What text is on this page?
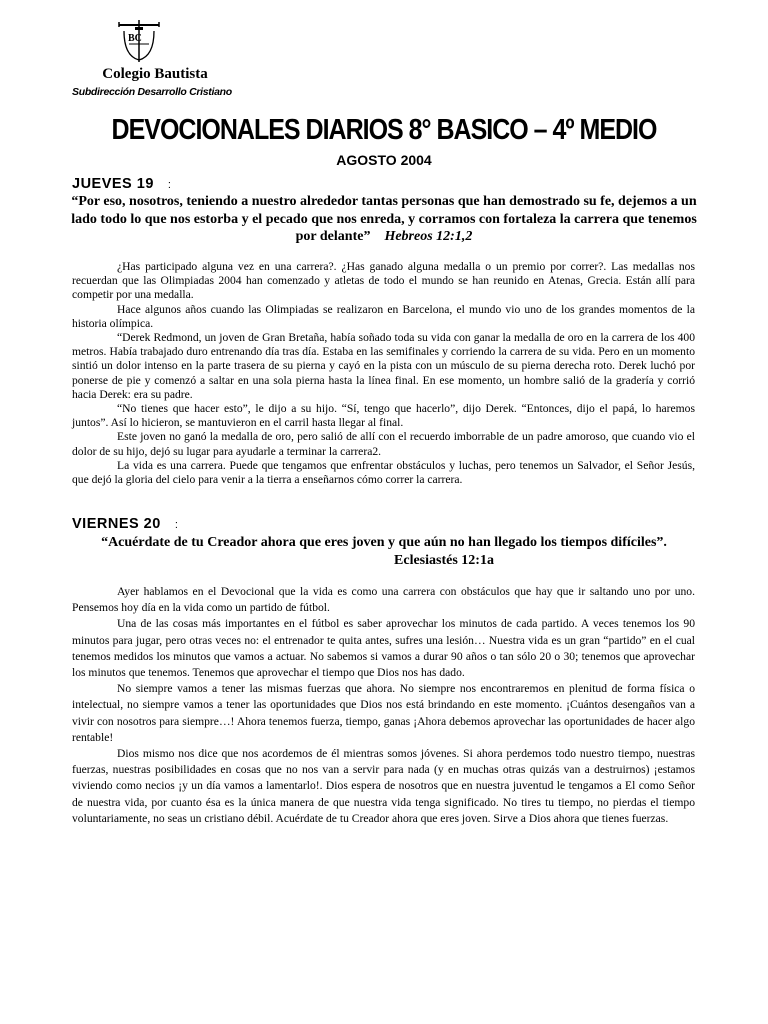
BC
Colegio Bautista
Subdirección Desarrollo Cristiano
DEVOCIONALES DIARIOS 8° BASICO – 4º MEDIO
AGOSTO 2004
JUEVES 19 :
“Por eso, nosotros, teniendo a nuestro alrededor tantas personas que han demostrado su fe, dejemos a un lado todo lo que nos estorba y el pecado que nos enreda, y corramos con fortaleza la carrera que tenemos por delante” Hebreos 12:1,2

¿Has participado alguna vez en una carrera?. ¿Has ganado alguna medalla o un premio por correr?. Las medallas nos recuerdan que las Olimpiadas 2004 han comenzado y atletas de todo el mundo se han reunido en Atenas, Grecia. Están allí para competir por una medalla.

Hace algunos años cuando las Olimpiadas se realizaron en Barcelona, el mundo vio uno de los grandes momentos de la historia olímpica.

“Derek Redmond, un joven de Gran Bretaña, había soñado toda su vida con ganar la medalla de oro en la carrera de los 400 metros. Había trabajado duro entrenando día tras día. Estaba en las semifinales y corriendo la carrera de su vida. Pero en un momento sintió un dolor intenso en la parte trasera de su pierna y cayó en la pista con un músculo de su pierna derecha roto. Derek luchó por ponerse de pie y comenzó a saltar en una sola pierna hasta la línea final. En ese momento, un hombre salió de la gradería y corrió hacia Derek: era su padre.

“No tienes que hacer esto”, le dijo a su hijo. “Sí, tengo que hacerlo”, dijo Derek. “Entonces, dijo el papá, lo haremos juntos”. Así lo hicieron, se mantuvieron en el carril hasta llegar al final.

Este joven no ganó la medalla de oro, pero salió de allí con el recuerdo imborrable de un padre amoroso, que cuando vio el dolor de su hijo, dejó su lugar para ayudarle a terminar la carrera2.

La vida es una carrera. Puede que tengamos que enfrentar obstáculos y luchas, pero tenemos un Salvador, el Señor Jesús, que dejó la gloria del cielo para venir a la tierra a enseñarnos cómo correr la carrera.

VIERNES 20 :
“Acuérdate de tu Creador ahora que eres joven y que aún no han llegado los tiempos difíciles”.
Eclesiastés 12:1a

Ayer hablamos en el Devocional que la vida es como una carrera con obstáculos que hay que ir saltando uno por uno. Pensemos hoy día en la vida como un partido de fútbol.

Una de las cosas más importantes en el fútbol es saber aprovechar los minutos de cada partido. A veces tenemos los 90 minutos para jugar, pero otras veces no: el entrenador te quita antes, sufres una lesión… Nuestra vida es un gran “partido” en el cual tenemos medidos los minutos que vamos a actuar. No sabemos si vamos a durar 90 años o tan sólo 20 o 30; tenemos que aprovechar los minutos que tenemos. Tenemos que aprovechar el tiempo que Dios nos has dado.

No siempre vamos a tener las mismas fuerzas que ahora. No siempre nos encontraremos en plenitud de forma física o intelectual, no siempre vamos a tener las oportunidades que Dios nos está brindando en este momento. ¡Cuántos desengaños van a vivir con nosotros para siempre…! Ahora tenemos fuerza, tiempo, ganas ¡Ahora debemos aprovechar las oportunidades de hacer algo rentable!

Dios mismo nos dice que nos acordemos de él mientras somos jóvenes. Si ahora perdemos todo nuestro tiempo, nuestras fuerzas, nuestras posibilidades en cosas que no nos van a servir para nada (y en muchas otras quizás van a destruirnos) ¡estamos viviendo como necios ¡y un día vamos a lamentarlo!. Dios espera de nosotros que en nuestra juventud le tengamos a El como Señor de nuestra vida, por cuanto ésa es la única manera de que nuestra vida tenga significado. No tires tu tiempo, no pierdas el tiempo voluntariamente, no seas un cristiano débil. Acuérdate de tu Creador ahora que eres joven. Sirve a Dios ahora que tienes fuerzas.
